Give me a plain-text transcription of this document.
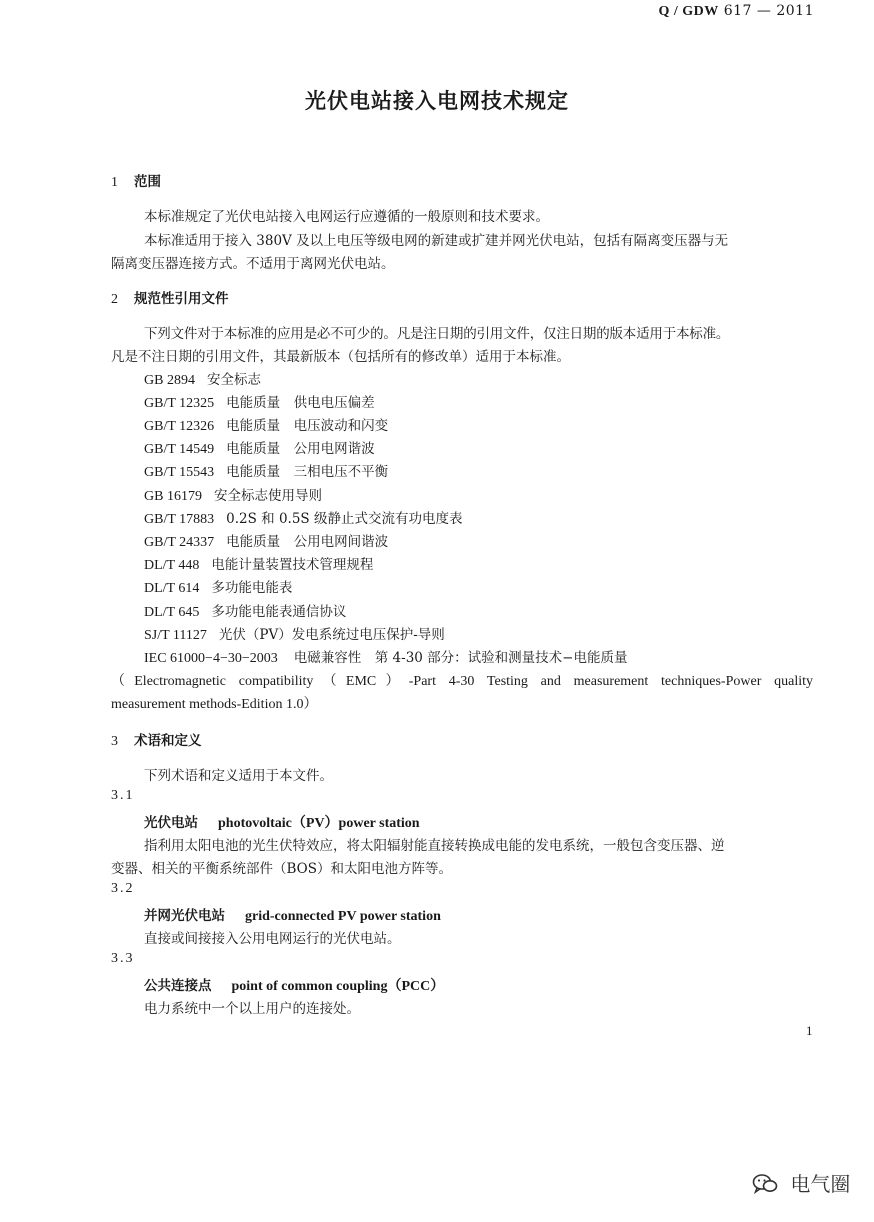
Q / GDW 617 — 2011
光伏电站接入电网技术规定
1 范围
本标准规定了光伏电站接入电网运行应遵循的一般原则和技术要求。
本标准适用于接入 380V 及以上电压等级电网的新建或扩建并网光伏电站，包括有隔离变压器与无
隔离变压器连接方式。不适用于离网光伏电站。
2 规范性引用文件
下列文件对于本标准的应用是必不可少的。凡是注日期的引用文件，仅注日期的版本适用于本标准。
凡是不注日期的引用文件，其最新版本（包括所有的修改单）适用于本标准。
GB 2894 安全标志
GB/T 12325 电能质量　供电电压偏差
GB/T 12326 电能质量　电压波动和闪变
GB/T 14549 电能质量　公用电网谐波
GB/T 15543 电能质量　三相电压不平衡
GB 16179 安全标志使用导则
GB/T 17883 0.2S 和 0.5S 级静止式交流有功电度表
GB/T 24337 电能质量　公用电网间谐波
DL/T 448 电能计量装置技术管理规程
DL/T 614 多功能电能表
DL/T 645 多功能电能表通信协议
SJ/T 11127 光伏（PV）发电系统过电压保护-导则
IEC 61000−4−30−2003 电磁兼容性　第 4-30 部分：试验和测量技术−电能质量
（Electromagnetic compatibility（EMC）-Part 4-30 Testing and measurement techniques-Power quality
measurement methods-Edition 1.0）
3 术语和定义
下列术语和定义适用于本文件。
3.1
光伏电站 photovoltaic（PV）power station
指利用太阳电池的光生伏特效应，将太阳辐射能直接转换成电能的发电系统，一般包含变压器、逆
变器、相关的平衡系统部件（BOS）和太阳电池方阵等。
3.2
并网光伏电站 grid-connected PV power station
直接或间接接入公用电网运行的光伏电站。
3.3
公共连接点 point of common coupling（PCC）
电力系统中一个以上用户的连接处。
1
电气圈
